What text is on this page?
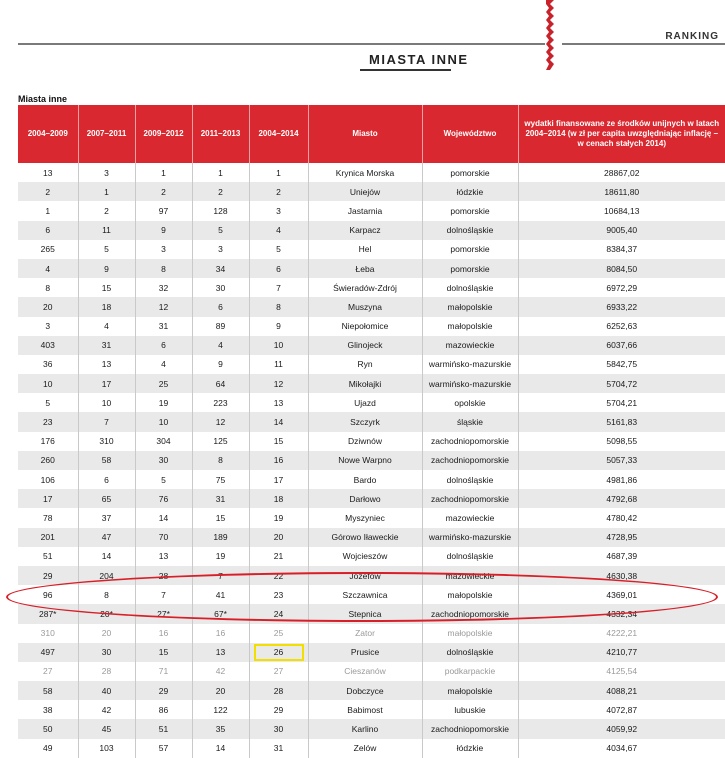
RANKING
MIASTA INNE
Miasta inne
2004–2009	2007–2011	2009–2012	2011–2013	2004–2014	Miasto	Województwo	wydatki finansowane ze środków unijnych w latach 2004–2014 (w zł per capita uwzględniając inflację – w cenach stałych 2014)
13	3	1	1	1	Krynica Morska	pomorskie	28867,02
2	1	2	2	2	Uniejów	łódzkie	18611,80
1	2	97	128	3	Jastarnia	pomorskie	10684,13
6	11	9	5	4	Karpacz	dolnośląskie	9005,40
265	5	3	3	5	Hel	pomorskie	8384,37
4	9	8	34	6	Łeba	pomorskie	8084,50
8	15	32	30	7	Świeradów-Zdrój	dolnośląskie	6972,29
20	18	12	6	8	Muszyna	małopolskie	6933,22
3	4	31	89	9	Niepołomice	małopolskie	6252,63
403	31	6	4	10	Glinojeck	mazowieckie	6037,66
36	13	4	9	11	Ryn	warmińsko-mazurskie	5842,75
10	17	25	64	12	Mikołajki	warmińsko-mazurskie	5704,72
5	10	19	223	13	Ujazd	opolskie	5704,21
23	7	10	12	14	Szczyrk	śląskie	5161,83
176	310	304	125	15	Dziwnów	zachodniopomorskie	5098,55
260	58	30	8	16	Nowe Warpno	zachodniopomorskie	5057,33
106	6	5	75	17	Bardo	dolnośląskie	4981,86
17	65	76	31	18	Darłowo	zachodniopomorskie	4792,68
78	37	14	15	19	Myszyniec	mazowieckie	4780,42
201	47	70	189	20	Górowo Iławeckie	warmińsko-mazurskie	4728,95
51	14	13	19	21	Wojcieszów	dolnośląskie	4687,39
29	204	28	7	22	Józefów	mazowieckie	4630,38
96	8	7	41	23	Szczawnica	małopolskie	4369,01
287*	20*	27*	67*	24	Stepnica	zachodniopomorskie	4332,34
310	20	16	16	25	Zator	małopolskie	4222,21
497	30	15	13	26	Prusice	dolnośląskie	4210,77
27	28	71	42	27	Cieszanów	podkarpackie	4125,54
58	40	29	20	28	Dobczyce	małopolskie	4088,21
38	42	86	122	29	Babimost	lubuskie	4072,87
50	45	51	35	30	Karlino	zachodniopomorskie	4059,92
49	103	57	14	31	Zelów	łódzkie	4034,67
